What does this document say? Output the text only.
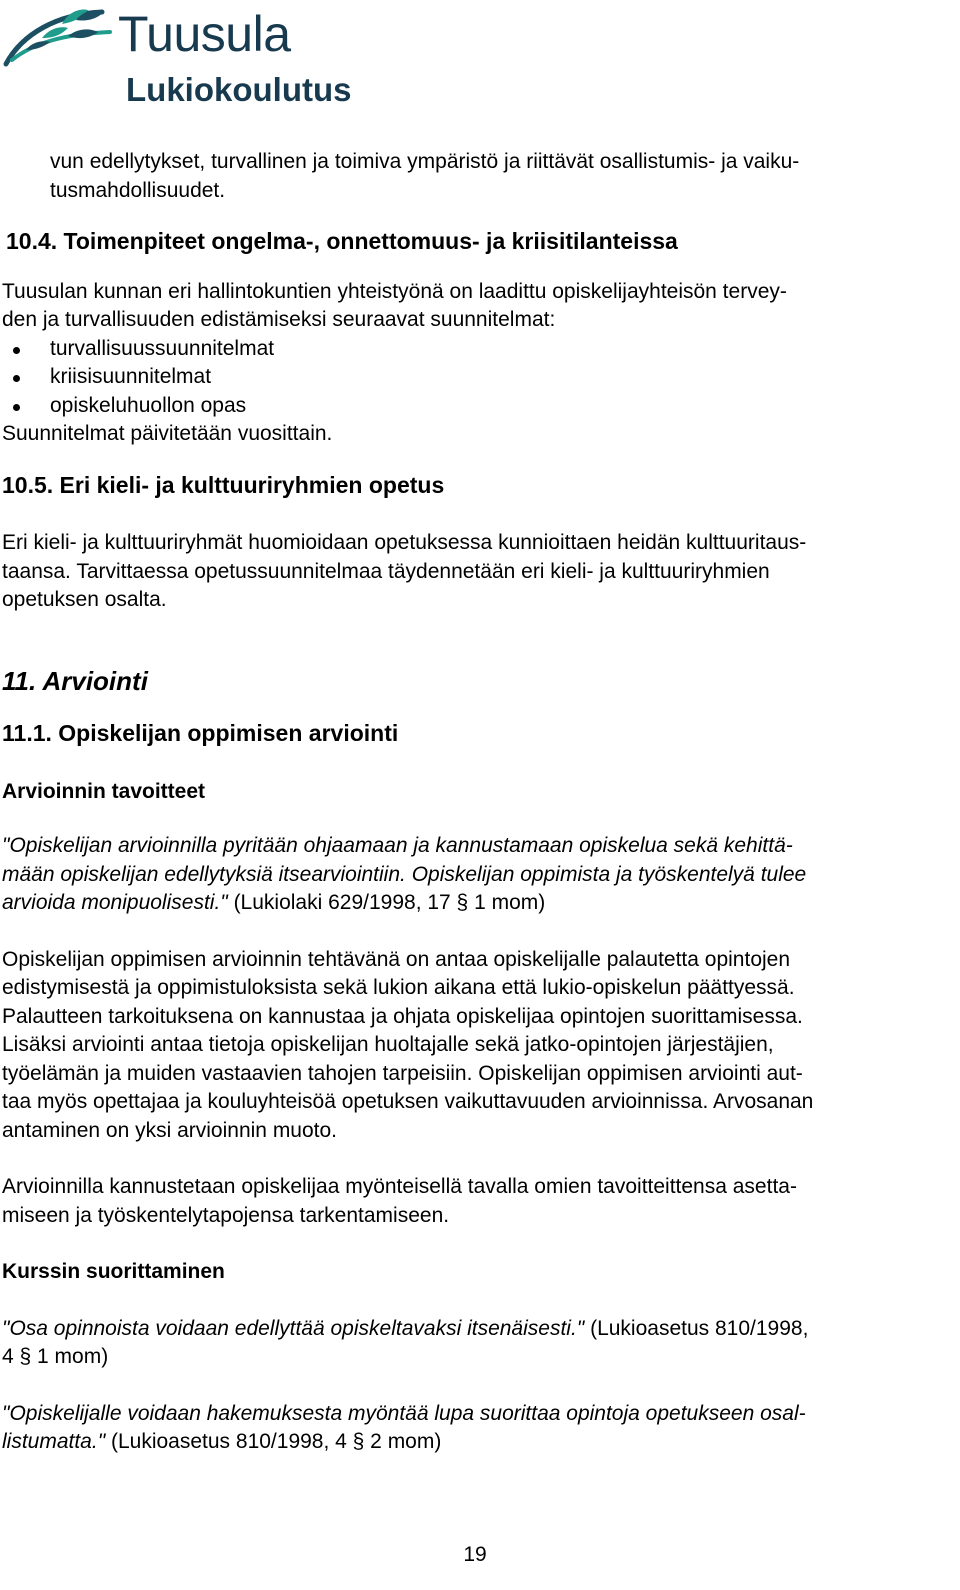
Tuusula
Lukiokoulutus

vun edellytykset, turvallinen ja toimiva ympäristö ja riittävät osallistumis- ja vaiku-

tusmahdollisuudet.

10.4. Toimenpiteet ongelma-, onnettomuus- ja kriisitilanteissa

Tuusulan kunnan eri hallintokuntien yhteistyönä on laadittu opiskelijayhteisön tervey-

den ja turvallisuuden edistämiseksi seuraavat suunnitelmat:

turvallisuussuunnitelmat
kriisisuunnitelmat
opiskeluhuollon opas

Suunnitelmat päivitetään vuosittain.

10.5. Eri kieli- ja kulttuuriryhmien opetus

Eri kieli- ja kulttuuriryhmät huomioidaan opetuksessa kunnioittaen heidän kulttuuritaus-

taansa. Tarvittaessa opetussuunnitelmaa täydennetään eri kieli- ja kulttuuriryhmien

opetuksen osalta.

11. Arviointi

11.1. Opiskelijan oppimisen arviointi

Arvioinnin tavoitteet

"Opiskelijan arvioinnilla pyritään ohjaamaan ja kannustamaan opiskelua sekä kehittä-

mään opiskelijan edellytyksiä itsearviointiin. Opiskelijan oppimista ja työskentelyä tulee

arvioida monipuolisesti." (Lukiolaki 629/1998, 17 § 1 mom)

Opiskelijan oppimisen arvioinnin tehtävänä on antaa opiskelijalle palautetta opintojen

edistymisestä ja oppimistuloksista sekä lukion aikana että lukio-opiskelun päättyessä.

Palautteen tarkoituksena on kannustaa ja ohjata opiskelijaa opintojen suorittamisessa.

Lisäksi arviointi antaa tietoja opiskelijan huoltajalle sekä jatko-opintojen järjestäjien,

työelämän ja muiden vastaavien tahojen tarpeisiin. Opiskelijan oppimisen arviointi aut-

taa myös opettajaa ja kouluyhteisöä opetuksen vaikuttavuuden arvioinnissa. Arvosanan

antaminen on yksi arvioinnin muoto.

Arvioinnilla kannustetaan opiskelijaa myönteisellä tavalla omien tavoitteittensa asetta-

miseen ja työskentelytapojensa tarkentamiseen.

Kurssin suorittaminen

"Osa opinnoista voidaan edellyttää opiskeltavaksi itsenäisesti." (Lukioasetus 810/1998,

4 § 1 mom)

"Opiskelijalle voidaan hakemuksesta myöntää lupa suorittaa opintoja opetukseen osal-

listumatta." (Lukioasetus 810/1998, 4 § 2 mom)

19
